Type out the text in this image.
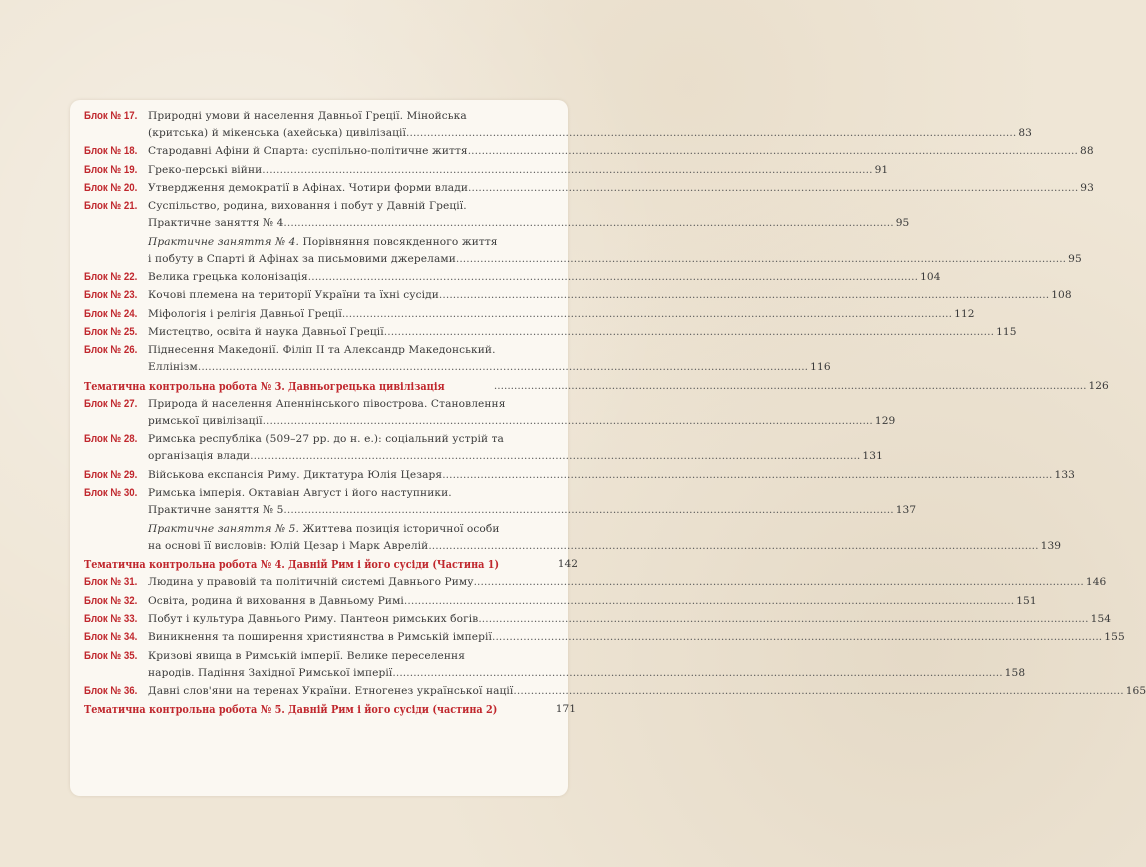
Блок № 17. Природні умови й населення Давньої Греції. Мінойська
(критська) й мікенська (ахейська) цивілізації .....	83
Блок № 18. Стародавні Афіни й Спарта: суспільно-політичне життя .....	88
Блок № 19. Греко-перські війни .....	91
Блок № 20. Утвердження демократії в Афінах. Чотири форми влади .....	93
Блок № 21. Суспільство, родина, виховання і побут у Давній Греції.
Практичне заняття № 4 .....	95
Практичне заняття № 4. Порівняння повсякденного життя
і побуту в Спарті й Афінах за письмовими джерелами .....	95
Блок № 22. Велика грецька колонізація .....	104
Блок № 23. Кочові племена на території України та їхні сусіди .....	108
Блок № 24. Міфологія і релігія Давньої Греції .....	112
Блок № 25. Мистецтво, освіта й наука Давньої Греції .....	115
Блок № 26. Піднесення Македонії. Філіп II та Александр Македонський.
Еллінізм .....	116
Тематична контрольна робота № 3. Давньогрецька цивілізація .....	126
Блок № 27. Природа й населення Апеннінського півострова. Становлення
римської цивілізації .....	129
Блок № 28. Римська республіка (509–27 рр. до н. е.): соціальний устрій та
організація влади .....	131
Блок № 29. Військова експансія Риму. Диктатура Юлія Цезаря .....	133
Блок № 30. Римська імперія. Октавіан Август і його наступники.
Практичне заняття № 5 .....	137
Практичне заняття № 5. Життева позиція історичної особи
на основі її висловів: Юлій Цезар і Марк Аврелій .....	139
Тематична контрольна робота № 4. Давній Рим і його сусіди (Частина 1)	142
Блок № 31. Людина у правовій та політичній системі Давнього Риму .....	146
Блок № 32. Освіта, родина й виховання в Давньому Римі .....	151
Блок № 33. Побут і культура Давнього Риму. Пантеон римських богів .....	154
Блок № 34. Виникнення та поширення християнства в Римській імперії .....	155
Блок № 35. Кризові явища в Римській імперії. Велике переселення
народів. Падіння Західної Римської імперії .....	158
Блок № 36. Давні слов'яни на теренах України. Етногенез української нації .....	165
Тематична контрольна робота № 5. Давній Рим і його сусіди (частина 2)	171
